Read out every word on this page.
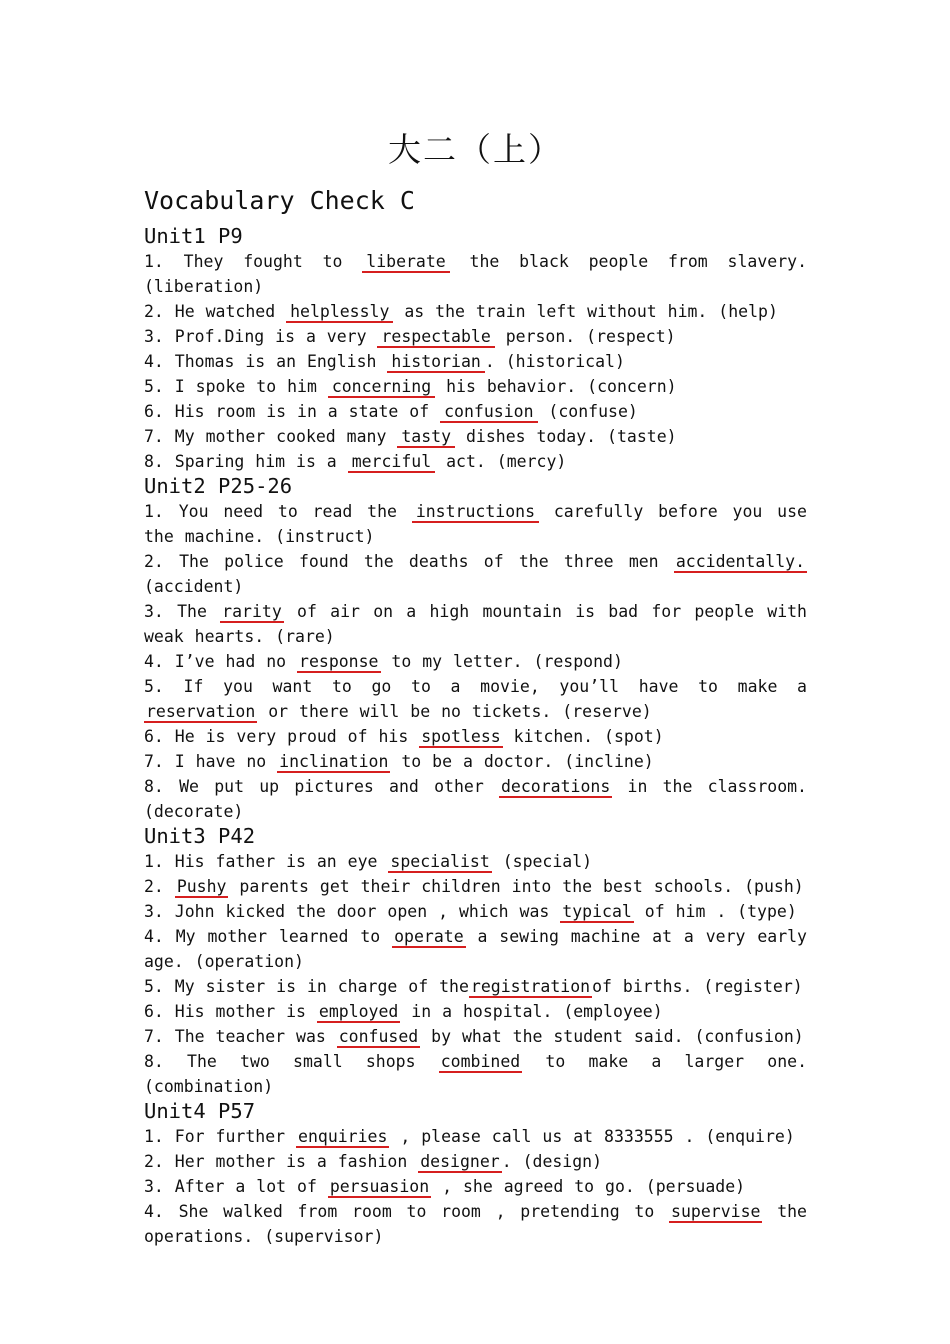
大二（上）
Vocabulary Check C
Unit1 P9
1. They fought to liberate the black people from slavery. (liberation)
2. He watched helplessly as the train left without him. (help)
3. Prof.Ding is a very respectable person. (respect)
4. Thomas is an English historian . (historical)
5. I spoke to him concerning his behavior. (concern)
6. His room is in a state of confusion (confuse)
7. My mother cooked many tasty dishes today. (taste)
8. Sparing him is a merciful act. (mercy)
Unit2 P25-26
1. You need to read the instructions carefully before you use the machine. (instruct)
2. The police found the deaths of the three men accidentally. (accident)
3. The rarity of air on a high mountain is bad for people with weak hearts. (rare)
4. I’ve had no response to my letter. (respond)
5. If you want to go to a movie, you’ll have to make a reservation or there will be no tickets. (reserve)
6. He is very proud of his spotless kitchen. (spot)
7. I have no inclination to be a doctor. (incline)
8. We put up pictures and other decorations in the classroom. (decorate)
Unit3 P42
1. His father is an eye specialist (special)
2. Pushy parents get their children into the best schools. (push)
3. John kicked the door open , which was typical of him . (type)
4. My mother learned to operate a sewing machine at a very early age. (operation)
5. My sister is in charge of the registration of births. (register)
6. His mother is employed in a hospital. (employee)
7. The teacher was confused by what the student said. (confusion)
8. The two small shops combined to make a larger one. (combination)
Unit4 P57
1. For further enquiries , please call us at 8333555 . (enquire)
2. Her mother is a fashion designer . (design)
3. After a lot of persuasion , she agreed to go. (persuade)
4. She walked from room to room , pretending to supervise the operations. (supervisor)
